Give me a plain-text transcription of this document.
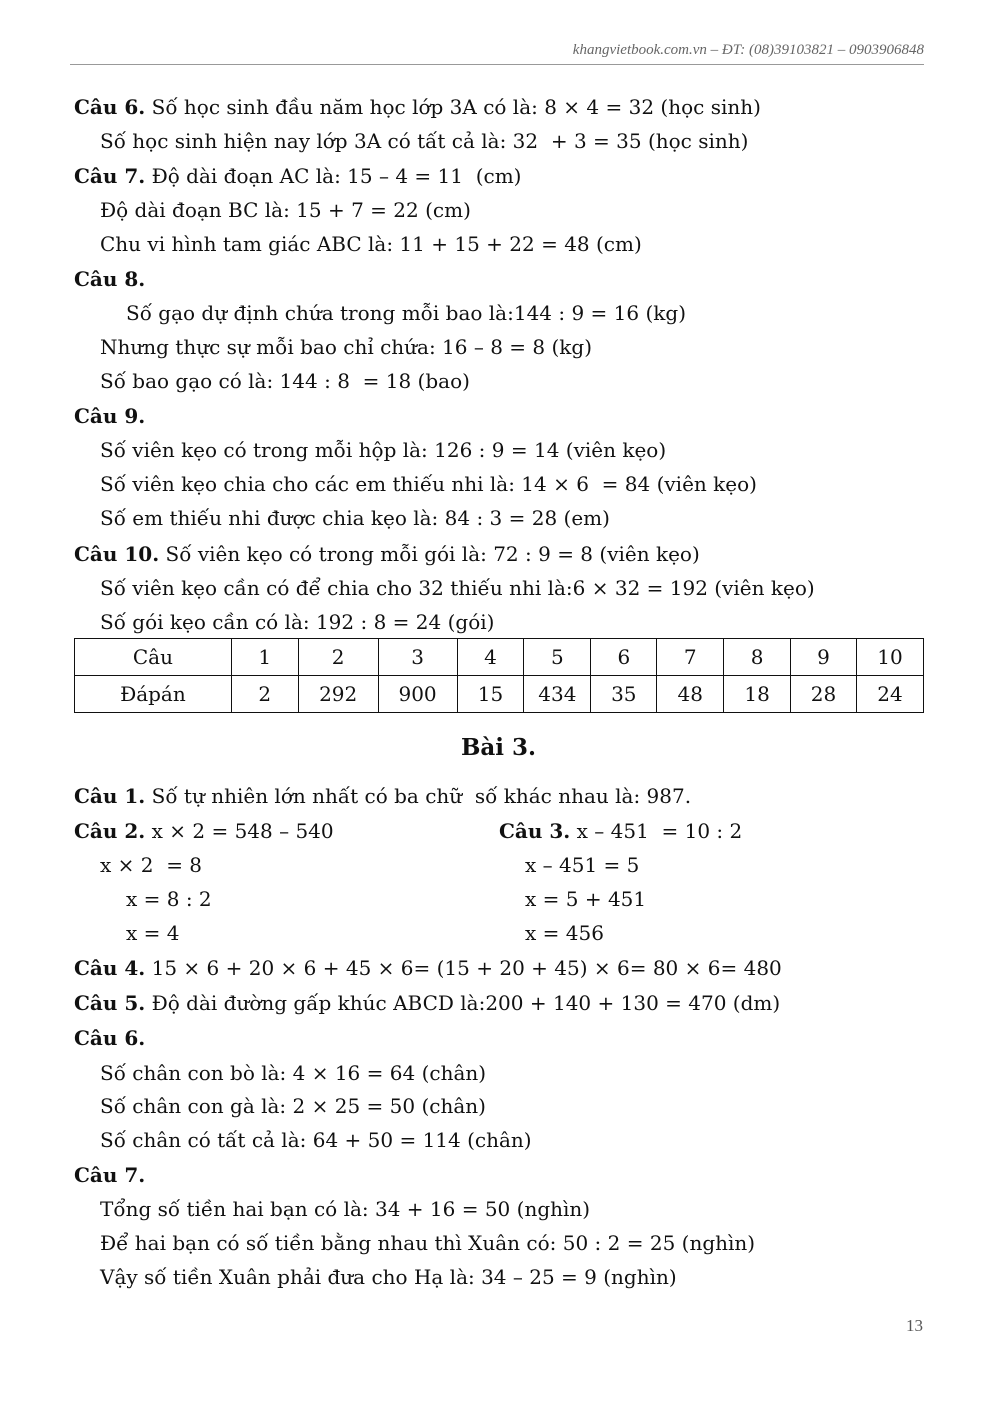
khangvietbook.com.vn – ĐT: (08)39103821 – 0903906848
Câu 6. Số học sinh đầu năm học lớp 3A có là: 8 × 4 = 32 (học sinh)
Số học sinh hiện nay lớp 3A có tất cả là: 32  + 3 = 35 (học sinh)
Câu 7. Độ dài đoạn AC là: 15 – 4 = 11  (cm)
Độ dài đoạn BC là: 15 + 7 = 22 (cm)
Chu vi hình tam giác ABC là: 11 + 15 + 22 = 48 (cm)
Câu 8.
Số gạo dự định chứa trong mỗi bao là:144 : 9 = 16 (kg)
Nhưng thực sự mỗi bao chỉ chứa: 16 – 8 = 8 (kg)
Số bao gạo có là: 144 : 8  = 18 (bao)
Câu 9.
Số viên kẹo có trong mỗi hộp là: 126 : 9 = 14 (viên kẹo)
Số viên kẹo chia cho các em thiếu nhi là: 14 × 6  = 84 (viên kẹo)
Số em thiếu nhi được chia kẹo là: 84 : 3 = 28 (em)
Câu 10. Số viên kẹo có trong mỗi gói là: 72 : 9 = 8 (viên kẹo)
Số viên kẹo cần có để chia cho 32 thiếu nhi là:6 × 32 = 192 (viên kẹo)
Số gói kẹo cần có là: 192 : 8 = 24 (gói)
Câu	1	2	3	4	5	6	7	8	9	10
Đápán	2	292	900	15	434	35	48	18	28	24
Bài 3.
Câu 1. Số tự nhiên lớn nhất có ba chữ  số khác nhau là: 987.
Câu 2. x × 2 = 548 – 540
x × 2  = 8
x = 8 : 2
x = 4
Câu 3. x – 451  = 10 : 2
x – 451 = 5
x = 5 + 451
x = 456
Câu 4. 15 × 6 + 20 × 6 + 45 × 6= (15 + 20 + 45) × 6= 80 × 6= 480
Câu 5. Độ dài đường gấp khúc ABCD là:200 + 140 + 130 = 470 (dm)
Câu 6.
Số chân con bò là: 4 × 16 = 64 (chân)
Số chân con gà là: 2 × 25 = 50 (chân)
Số chân có tất cả là: 64 + 50 = 114 (chân)
Câu 7.
Tổng số tiền hai bạn có là: 34 + 16 = 50 (nghìn)
Để hai bạn có số tiền bằng nhau thì Xuân có: 50 : 2 = 25 (nghìn)
Vậy số tiền Xuân phải đưa cho Hạ là: 34 – 25 = 9 (nghìn)
13
